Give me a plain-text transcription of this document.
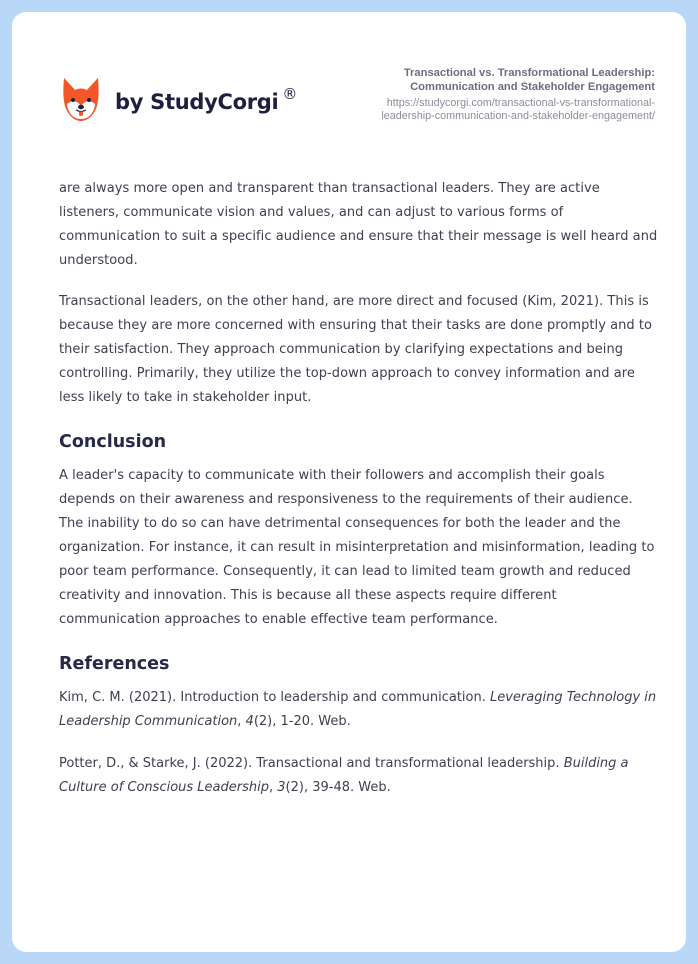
by StudyCorgi ®
Transactional vs. Transformational Leadership:
Communication and Stakeholder Engagement
https://studycorgi.com/transactional-vs-transformational-
leadership-communication-and-stakeholder-engagement/

are always more open and transparent than transactional leaders. They are active listeners, communicate vision and values, and can adjust to various forms of communication to suit a specific audience and ensure that their message is well heard and understood.

Transactional leaders, on the other hand, are more direct and focused (Kim, 2021). This is because they are more concerned with ensuring that their tasks are done promptly and to their satisfaction. They approach communication by clarifying expectations and being controlling. Primarily, they utilize the top-down approach to convey information and are less likely to take in stakeholder input.

Conclusion

A leader's capacity to communicate with their followers and accomplish their goals depends on their awareness and responsiveness to the requirements of their audience. The inability to do so can have detrimental consequences for both the leader and the organization. For instance, it can result in misinterpretation and misinformation, leading to poor team performance. Consequently, it can lead to limited team growth and reduced creativity and innovation. This is because all these aspects require different communication approaches to enable effective team performance.

References

Kim, C. M. (2021). Introduction to leadership and communication. Leveraging Technology in Leadership Communication, 4(2), 1-20. Web.

Potter, D., & Starke, J. (2022). Transactional and transformational leadership. Building a Culture of Conscious Leadership, 3(2), 39-48. Web.
